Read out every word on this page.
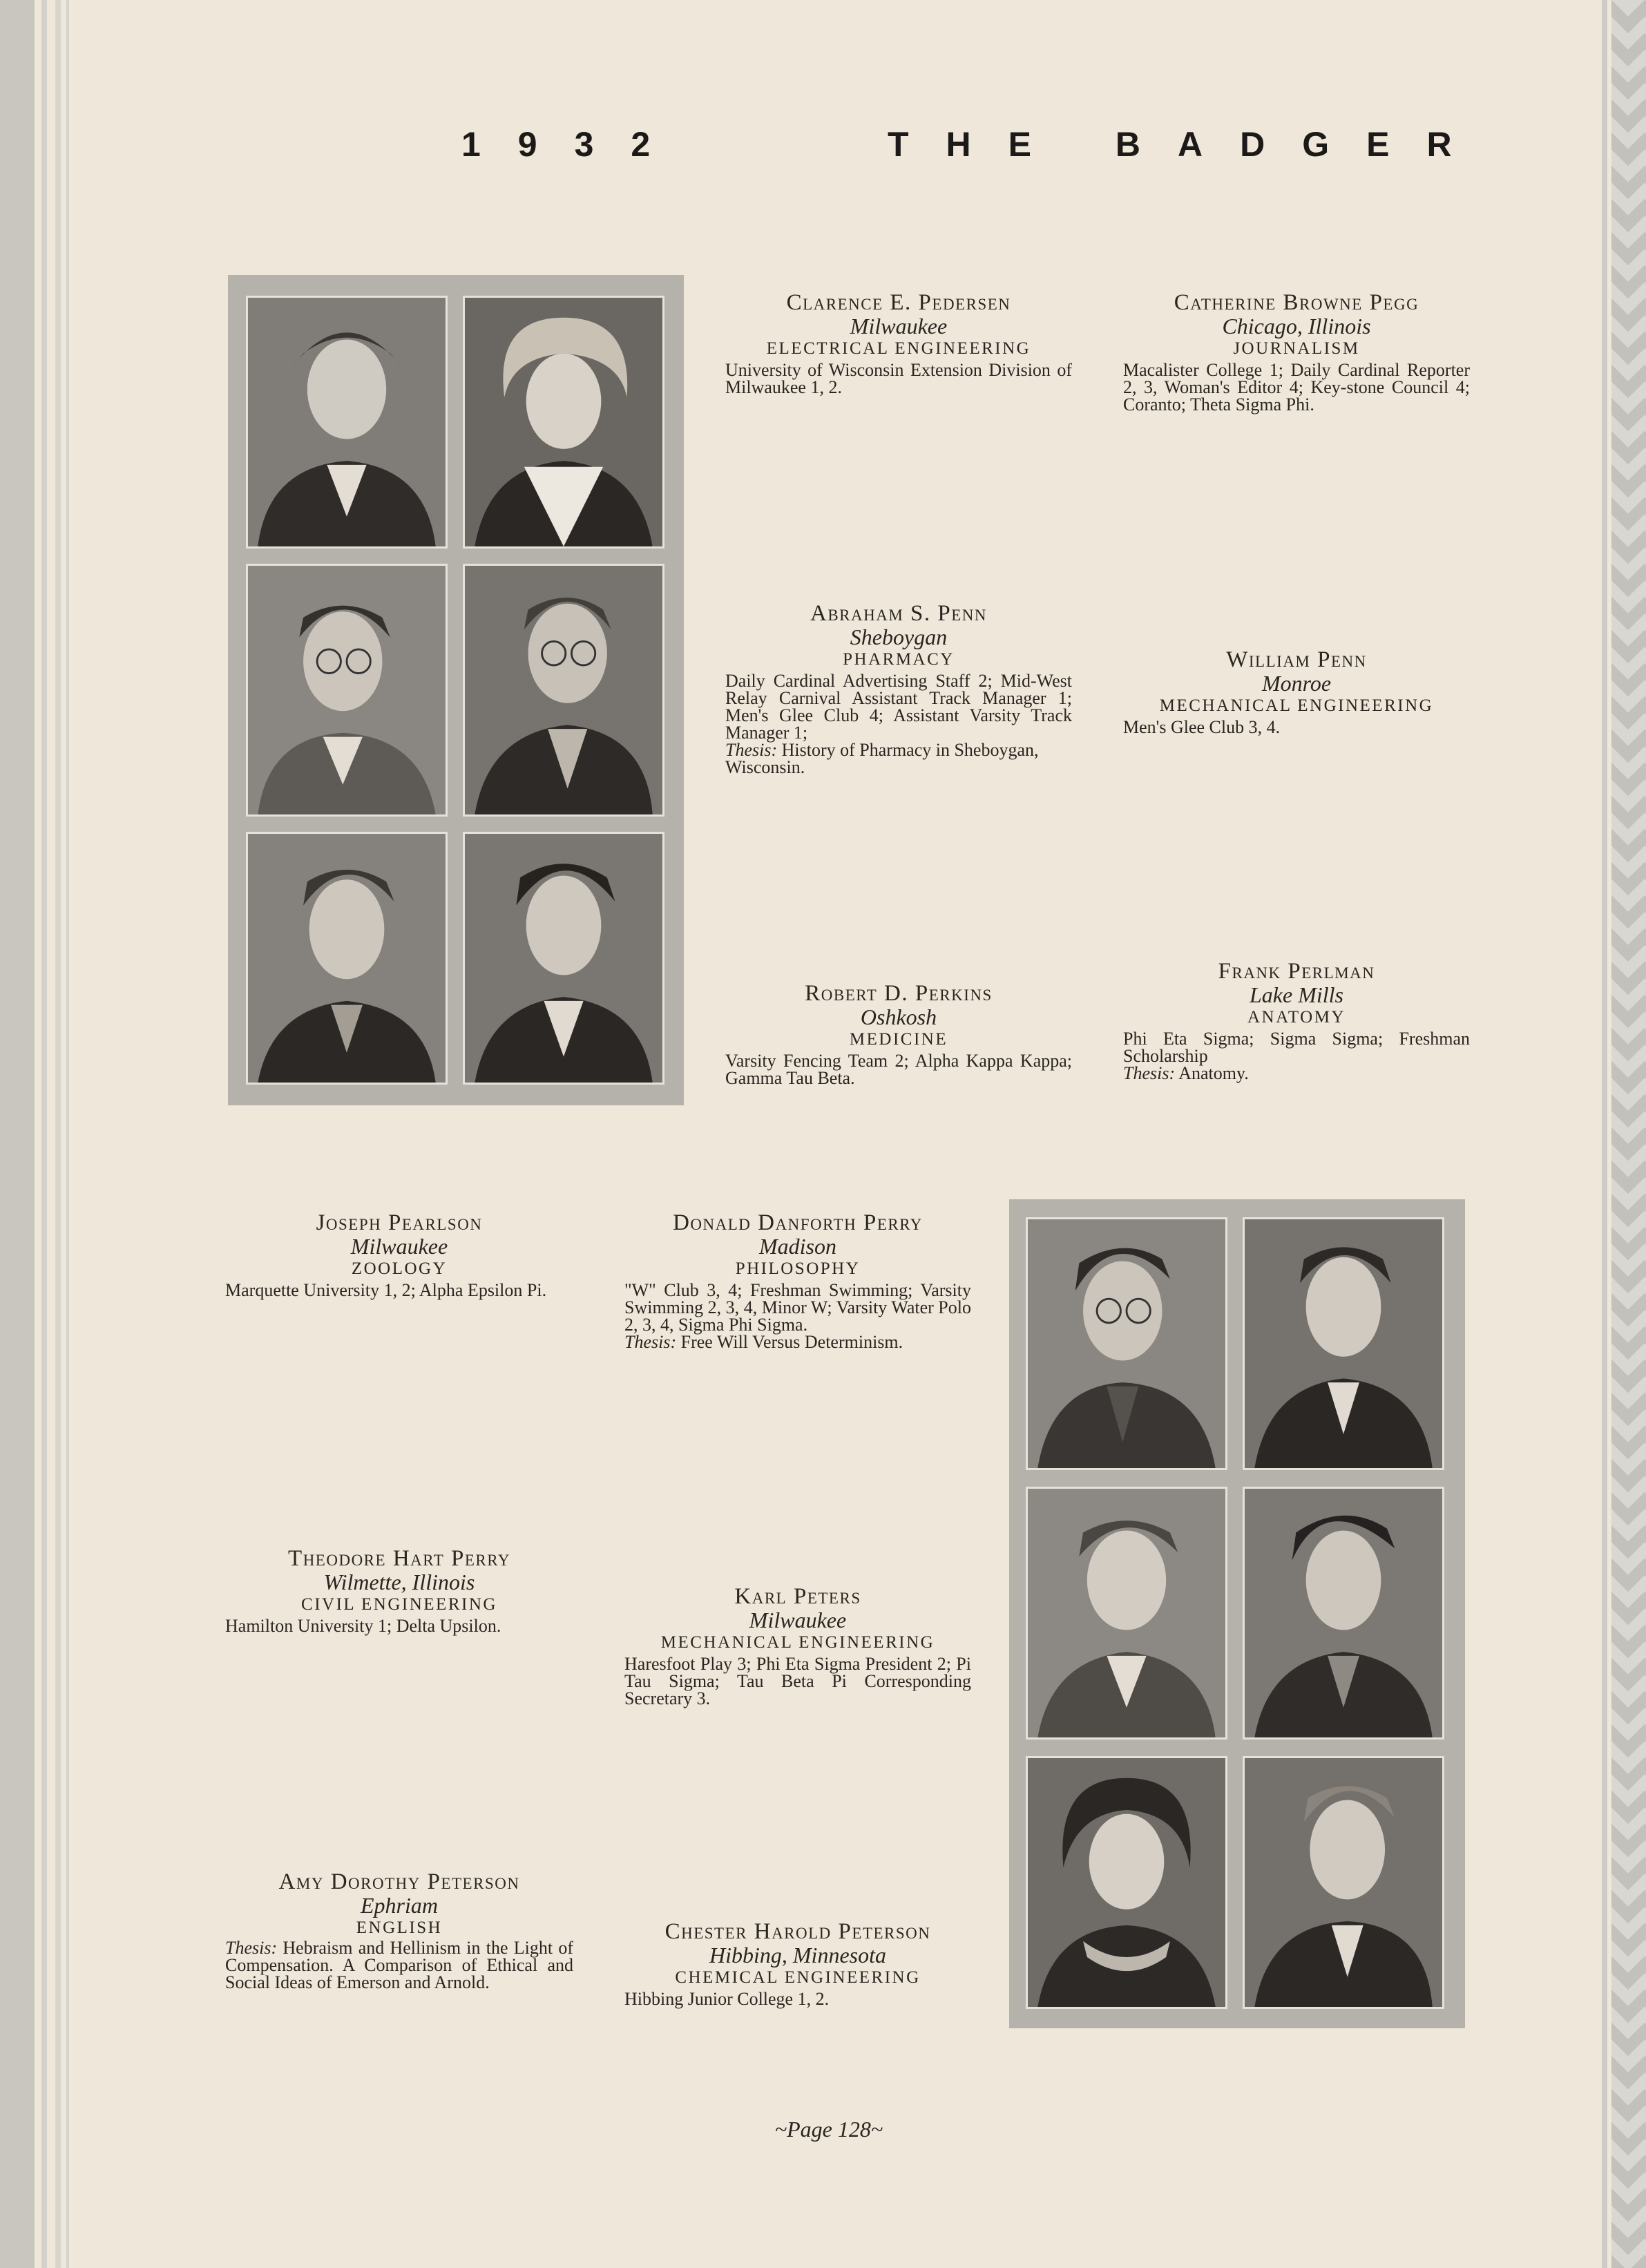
1932	THE BADGER
Clarence E. Pedersen
Milwaukee
ELECTRICAL ENGINEERING
University of Wisconsin Extension Division of Milwaukee 1, 2.
Catherine Browne Pegg
Chicago, Illinois
JOURNALISM
Macalister College 1; Daily Cardinal Reporter 2, 3, Woman's Editor 4; Key-stone Council 4; Coranto; Theta Sigma Phi.
Abraham S. Penn
Sheboygan
PHARMACY
Daily Cardinal Advertising Staff 2; Mid-West Relay Carnival Assistant Track Manager 1; Men's Glee Club 4; Assistant Varsity Track Manager 1;
Thesis: History of Pharmacy in Sheboygan, Wisconsin.
William Penn
Monroe
MECHANICAL ENGINEERING
Men's Glee Club 3, 4.
Robert D. Perkins
Oshkosh
MEDICINE
Varsity Fencing Team 2; Alpha Kappa Kappa; Gamma Tau Beta.
Frank Perlman
Lake Mills
ANATOMY
Phi Eta Sigma; Sigma Sigma; Freshman Scholarship
Thesis: Anatomy.
Joseph Pearlson
Milwaukee
ZOOLOGY
Marquette University 1, 2; Alpha Epsilon Pi.
Donald Danforth Perry
Madison
PHILOSOPHY
"W" Club 3, 4; Freshman Swimming; Varsity Swimming 2, 3, 4, Minor W; Varsity Water Polo 2, 3, 4, Sigma Phi Sigma.
Thesis: Free Will Versus Determinism.
Theodore Hart Perry
Wilmette, Illinois
CIVIL ENGINEERING
Hamilton University 1; Delta Upsilon.
Karl Peters
Milwaukee
MECHANICAL ENGINEERING
Haresfoot Play 3; Phi Eta Sigma President 2; Pi Tau Sigma; Tau Beta Pi Corresponding Secretary 3.
Amy Dorothy Peterson
Ephriam
ENGLISH
Thesis: Hebraism and Hellinism in the Light of Compensation. A Comparison of Ethical and Social Ideas of Emerson and Arnold.
Chester Harold Peterson
Hibbing, Minnesota
CHEMICAL ENGINEERING
Hibbing Junior College 1, 2.
~Page 128~
